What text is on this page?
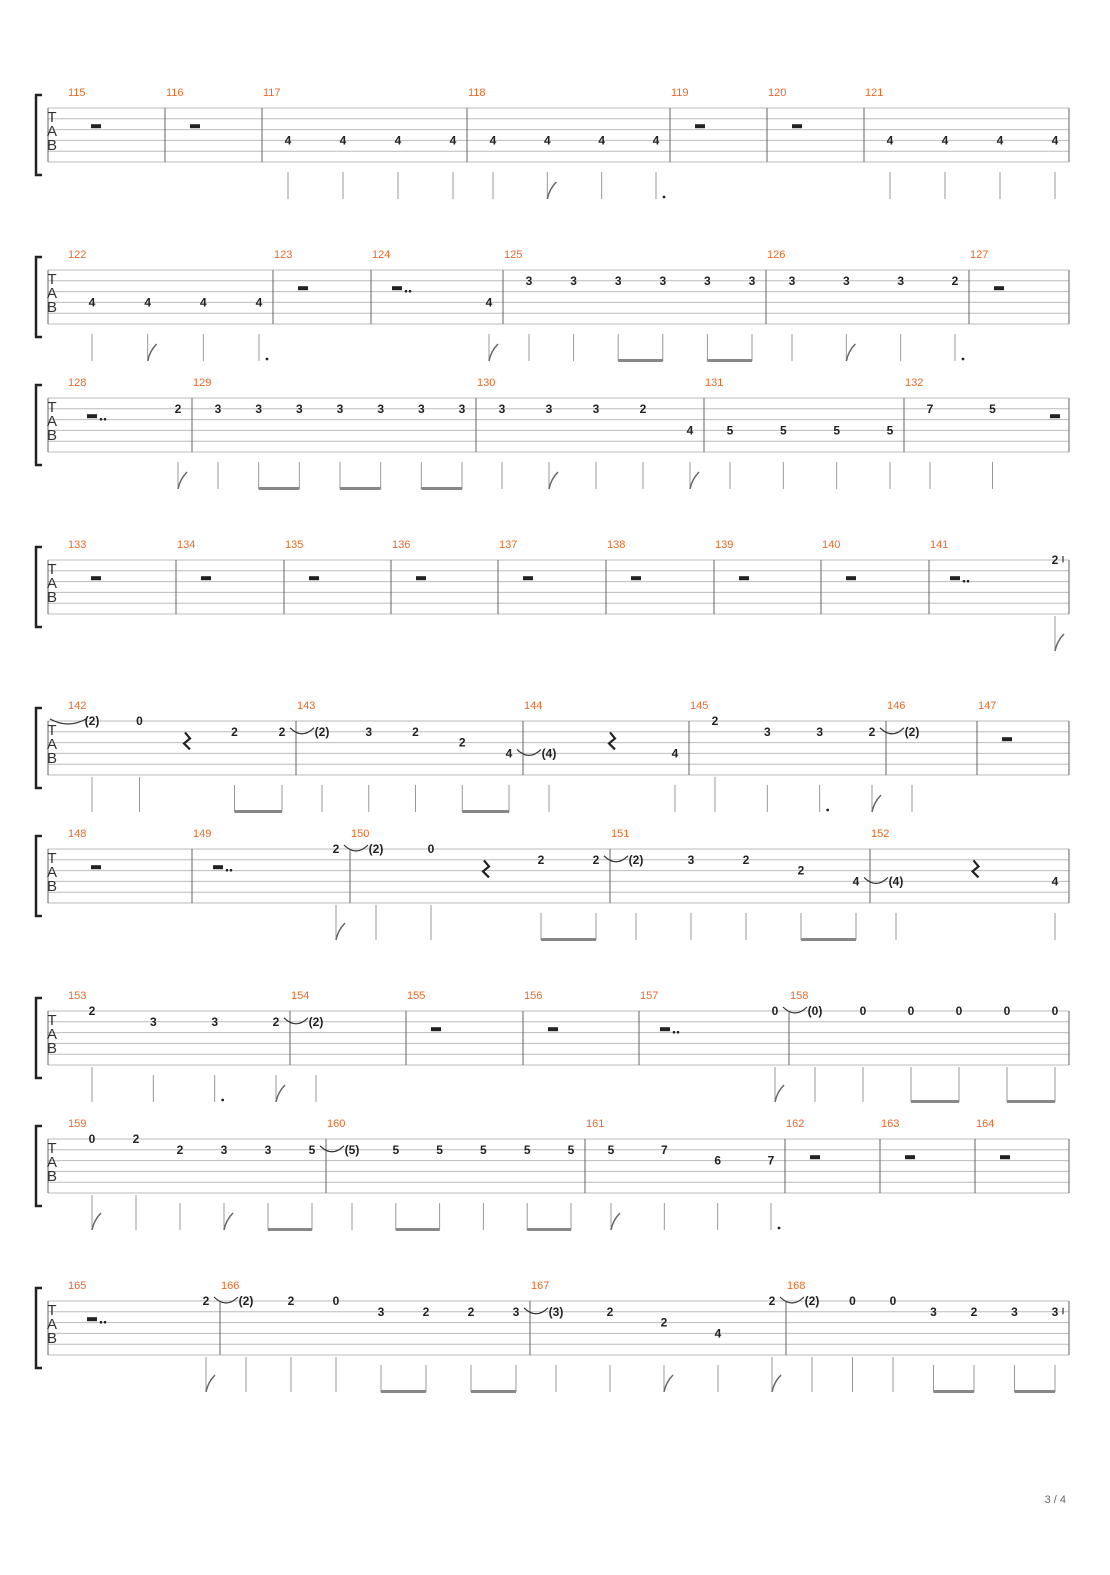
T
A
B
115	116	117	118	119	120	121
4	4	4	4	4	4	4	4	4	4	4	4
T
A
B
122	123	124	125	126	127
4	4	4	4	4
3	3	3	3	3	3	3	3	3	2
T
A
B
128	129	130	131	132
2	3	3	3	3	3	3	3	3	3	3	2
4	5	5	5	5
7	5
T
A
B
133	134	135	136	137	138	139	140	141
2
T
A
B
142	143	144	145	146	147
(2)	0
2	2 (2)	3	2
2
4 (4)	4
2
3	3	2 (2)
T
A
B
148	149	150	151	152
2 (2)	0
2	2 (2)	3	2
2
4 (4)	4
T
A
B
153	154	155	156	157	158
2
3	3	2 (2)
0 (0)	0	0	0	0	0
T
A
B
159	160	161	162	163	164
0	2
2	3	3	5 (5)	5	5	5	5	5	5	7
6	7
T
A
B
165	166	167	168
2 (2)	2	0
3	2	2	3 (3)	2
2
4
2 (2) 0	0
3	2	3	3
3 / 4
